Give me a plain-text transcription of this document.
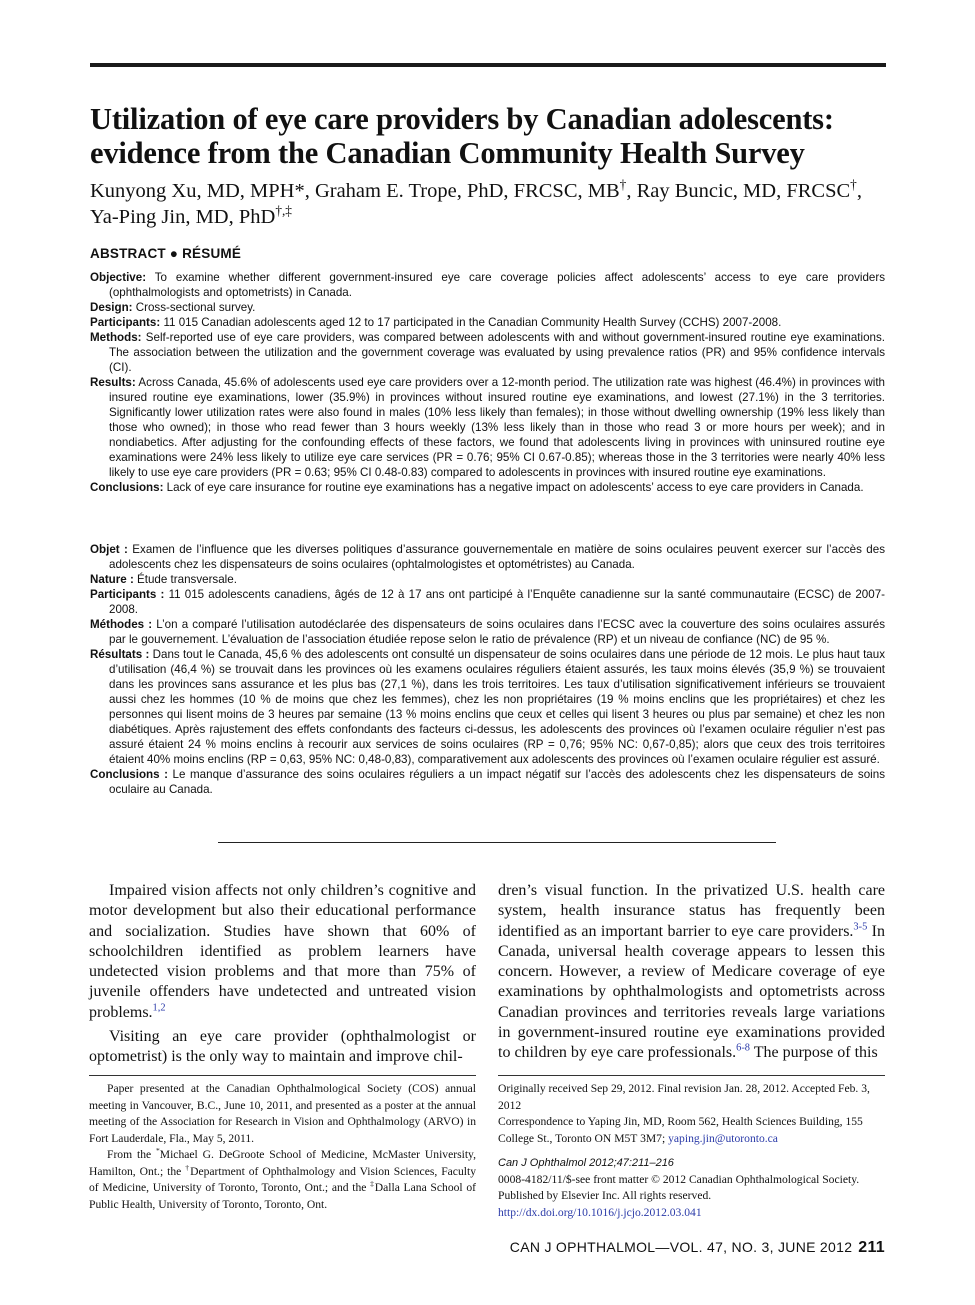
Utilization of eye care providers by Canadian adolescents:
evidence from the Canadian Community Health Survey
Kunyong Xu, MD, MPH*, Graham E. Trope, PhD, FRCSC, MB†, Ray Buncic, MD, FRCSC†,
Ya-Ping Jin, MD, PhD†,‡
ABSTRACT ● RÉSUMÉ

Objective: To examine whether different government-insured eye care coverage policies affect adolescents’ access to eye care providers (ophthalmologists and optometrists) in Canada.

Design: Cross-sectional survey.

Participants: 11 015 Canadian adolescents aged 12 to 17 participated in the Canadian Community Health Survey (CCHS) 2007-2008.

Methods: Self-reported use of eye care providers, was compared between adolescents with and without government-insured routine eye examinations. The association between the utilization and the government coverage was evaluated by using prevalence ratios (PR) and 95% confidence intervals (CI).

Results: Across Canada, 45.6% of adolescents used eye care providers over a 12-month period. The utilization rate was highest (46.4%) in provinces with insured routine eye examinations, lower (35.9%) in provinces without insured routine eye examinations, and lowest (27.1%) in the 3 territories. Significantly lower utilization rates were also found in males (10% less likely than females); in those without dwelling ownership (19% less likely than those who owned); in those who read fewer than 3 hours weekly (13% less likely than in those who read 3 or more hours per week); and in nondiabetics. After adjusting for the confounding effects of these factors, we found that adolescents living in provinces with uninsured routine eye examinations were 24% less likely to utilize eye care services (PR = 0.76; 95% CI 0.67-0.85); whereas those in the 3 territories were nearly 40% less likely to use eye care providers (PR = 0.63; 95% CI 0.48-0.83) compared to adolescents in provinces with insured routine eye examinations.

Conclusions: Lack of eye care insurance for routine eye examinations has a negative impact on adolescents’ access to eye care providers in Canada.

Objet : Examen de l’influence que les diverses politiques d’assurance gouvernementale en matière de soins oculaires peuvent exercer sur l’accès des adolescents chez les dispensateurs de soins oculaires (ophtalmologistes et optométristes) au Canada.

Nature : Étude transversale.

Participants : 11 015 adolescents canadiens, âgés de 12 à 17 ans ont participé à l’Enquête canadienne sur la santé communautaire (ECSC) de 2007-2008.

Méthodes : L’on a comparé l’utilisation autodéclarée des dispensateurs de soins oculaires dans l’ECSC avec la couverture des soins oculaires assurés par le gouvernement. L’évaluation de l’association étudiée repose selon le ratio de prévalence (RP) et un niveau de confiance (NC) de 95 %.

Résultats : Dans tout le Canada, 45,6 % des adolescents ont consulté un dispensateur de soins oculaires dans une période de 12 mois. Le plus haut taux d’utilisation (46,4 %) se trouvait dans les provinces où les examens oculaires réguliers étaient assurés, les taux moins élevés (35,9 %) se trouvaient dans les provinces sans assurance et les plus bas (27,1 %), dans les trois territoires. Les taux d’utilisation significativement inférieurs se trouvaient aussi chez les hommes (10 % de moins que chez les femmes), chez les non propriétaires (19 % moins enclins que les propriétaires) et chez les personnes qui lisent moins de 3 heures par semaine (13 % moins enclins que ceux et celles qui lisent 3 heures ou plus par semaine) et chez les non diabétiques. Après rajustement des effets confondants des facteurs ci-dessus, les adolescents des provinces où l’examen oculaire régulier n’est pas assuré étaient 24 % moins enclins à recourir aux services de soins oculaires (RP = 0,76; 95% NC: 0,67-0,85); alors que ceux des trois territoires étaient 40% moins enclins (RP = 0,63, 95% NC: 0,48-0,83), comparativement aux adolescents des provinces où l’examen oculaire régulier est assuré.

Conclusions : Le manque d’assurance des soins oculaires réguliers a un impact négatif sur l’accès des adolescents chez les dispensateurs de soins oculaire au Canada.

Impaired vision affects not only children’s cognitive and motor development but also their educational performance and socialization. Studies have shown that 60% of schoolchildren identified as problem learners have undetected vision problems and that more than 75% of juvenile offenders have undetected and untreated vision problems.$^{1,2}$

Visiting an eye care provider (ophthalmologist or optometrist) is the only way to maintain and improve chil-

dren’s visual function. In the privatized U.S. health care system, health insurance status has frequently been identified as an important barrier to eye care providers.$^{3-5}$ In Canada, universal health coverage appears to lessen this concern. However, a review of Medicare coverage of eye examinations by ophthalmologists and optometrists across Canadian provinces and territories reveals large variations in government-insured routine eye examinations provided to children by eye care professionals.$^{6-8}$ The purpose of this

Paper presented at the Canadian Ophthalmological Society (COS) annual meeting in Vancouver, B.C., June 10, 2011, and presented as a poster at the annual meeting of the Association for Research in Vision and Ophthalmology (ARVO) in Fort Lauderdale, Fla., May 5, 2011.

From the *Michael G. DeGroote School of Medicine, McMaster University, Hamilton, Ont.; the †Department of Ophthalmology and Vision Sciences, Faculty of Medicine, University of Toronto, Toronto, Ont.; and the ‡Dalla Lana School of Public Health, University of Toronto, Toronto, Ont.

Originally received Sep 29, 2012. Final revision Jan. 28, 2012. Accepted Feb. 3, 2012

Correspondence to Yaping Jin, MD, Room 562, Health Sciences Building, 155 College St., Toronto ON M5T 3M7; yaping.jin@utoronto.ca

Can J Ophthalmol 2012;47:211–216

0008-4182/11/$-see front matter © 2012 Canadian Ophthalmological Society. Published by Elsevier Inc. All rights reserved.

http://dx.doi.org/10.1016/j.jcjo.2012.03.041

CAN J OPHTHALMOL—VOL. 47, NO. 3, JUNE 2012 211
